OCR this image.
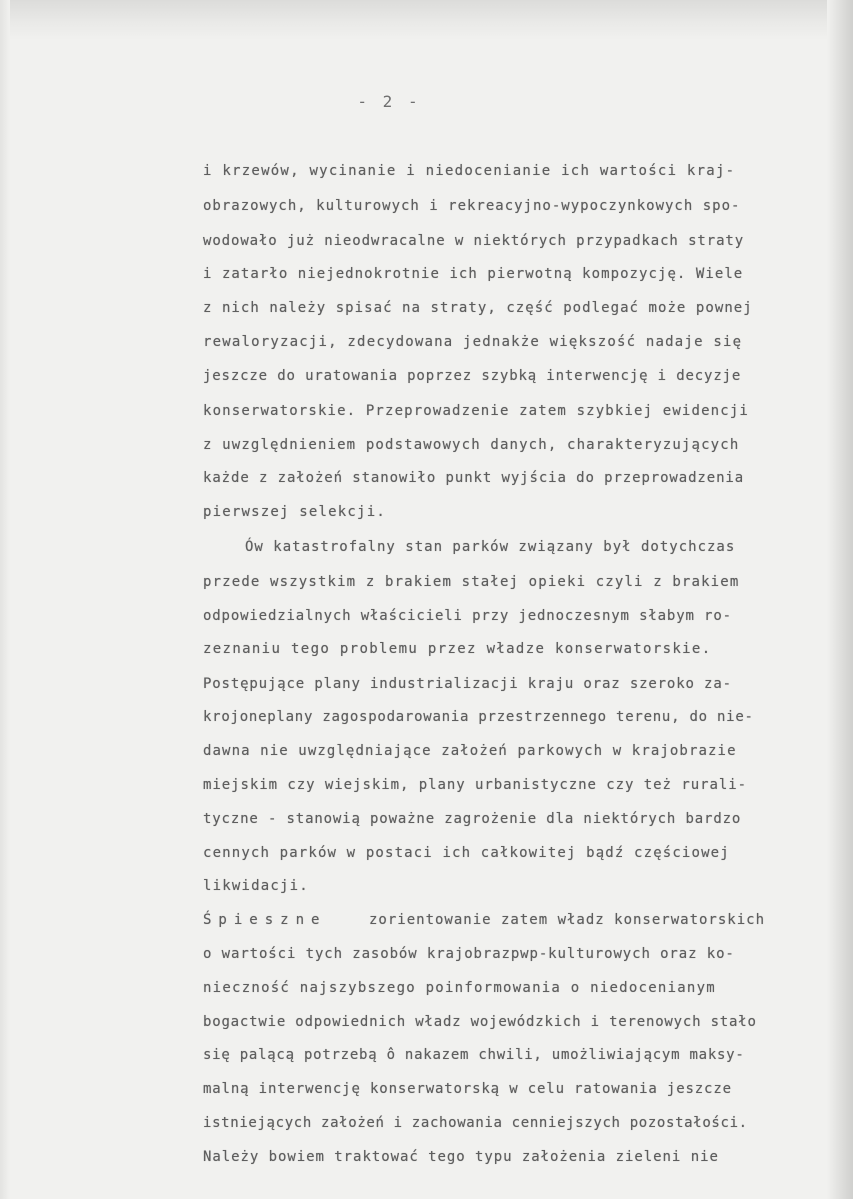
- 2 -
i krzewów, wycinanie i niedocenianie ich wartości kraj-
obrazowych, kulturowych i rekreacyjno-wypoczynkowych spo-
wodowało już nieodwracalne w niektórych przypadkach straty
i zatarło niejednokrotnie ich pierwotną kompozycję. Wiele
z nich należy spisać na straty, część podlegać może pownej
rewaloryzacji, zdecydowana jednakże większość nadaje się
jeszcze do uratowania poprzez szybką interwencję i decyzje
konserwatorskie. Przeprowadzenie zatem szybkiej ewidencji
z uwzględnieniem podstawowych danych, charakteryzujących
każde z założeń stanowiło punkt wyjścia do przeprowadzenia
pierwszej selekcji.
Ów katastrofalny stan parków związany był dotychczas
przede wszystkim z brakiem stałej opieki czyli z brakiem
odpowiedzialnych właścicieli przy jednoczesnym słabym ro-
zeznaniu tego problemu przez władze konserwatorskie.
Postępujące plany industrializacji kraju oraz szeroko za-
krojoneplany zagospodarowania przestrzennego terenu, do nie-
dawna nie uwzględniające założeń parkowych w krajobrazie
miejskim czy wiejskim, plany urbanistyczne czy też rurali-
tyczne - stanowią poważne zagrożenie dla niektórych bardzo
cennych parków w postaci ich całkowitej bądź częściowej
likwidacji.
Śpieszne	zorientowanie zatem władz konserwatorskich
o wartości tych zasobów krajobrazpwp-kulturowych oraz ko-
nieczność najszybszego poinformowania o niedocenianym
bogactwie odpowiednich władz wojewódzkich i terenowych stało
się palącą potrzebą ô nakazem chwili, umożliwiającym maksy-
malną interwencję konserwatorską w celu ratowania jeszcze
istniejących założeń i zachowania cenniejszych pozostałości.
Należy bowiem traktować tego typu założenia zieleni nie
